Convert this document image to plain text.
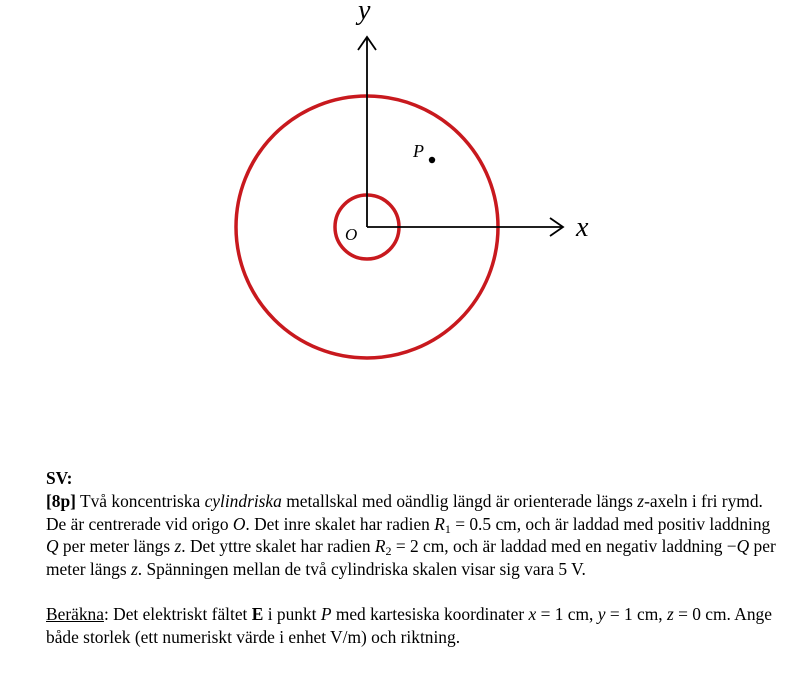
y
x
O
P
SV:

[8p] Två koncentriska cylindriska metallskal med oändlig längd är orienterade längs z-axeln i fri rymd. De är centrerade vid origo O. Det inre skalet har radien $R_1 = 0.5$ cm, och är laddad med positiv laddning Q per meter längs z. Det yttre skalet har radien $R_2 = 2$ cm, och är laddad med en negativ laddning −Q per meter längs z. Spänningen mellan de två cylindriska skalen visar sig vara 5 V.

Beräkna: Det elektriskt fältet E i punkt P med kartesiska koordinater x = 1 cm, y = 1 cm, z = 0 cm. Ange både storlek (ett numeriskt värde i enhet V/m) och riktning.
